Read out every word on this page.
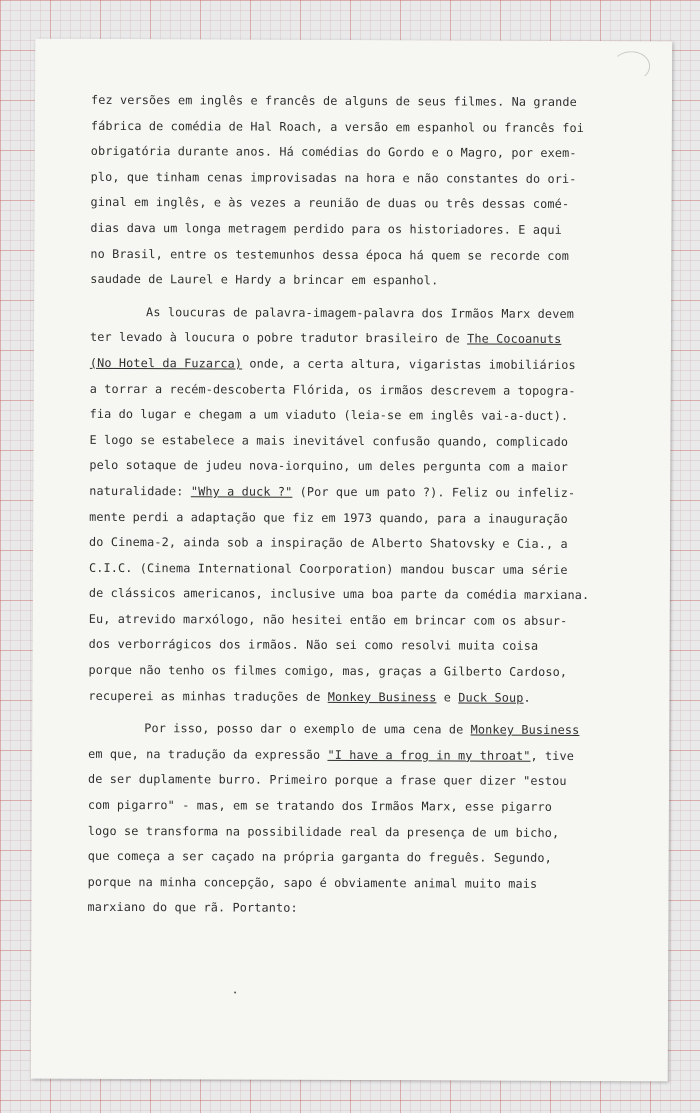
fez versões em inglês e francês de alguns de seus filmes. Na grande
fábrica de comédia de Hal Roach, a versão em espanhol ou francês foi
obrigatória durante anos. Há comédias do Gordo e o Magro, por exem-
plo, que tinham cenas improvisadas na hora e não constantes do ori-
ginal em inglês, e às vezes a reunião de duas ou três dessas comé-
dias dava um longa metragem perdido para os historiadores. E aqui
no Brasil, entre os testemunhos dessa época há quem se recorde com
saudade de Laurel e Hardy a brincar em espanhol.
As loucuras de palavra-imagem-palavra dos Irmãos Marx devem
ter levado à loucura o pobre tradutor brasileiro de The Cocoanuts
(No Hotel da Fuzarca) onde, a certa altura, vigaristas imobiliários
a torrar a recém-descoberta Flórida, os irmãos descrevem a topogra-
fia do lugar e chegam a um viaduto (leia-se em inglês vai-a-duct).
E logo se estabelece a mais inevitável confusão quando, complicado
pelo sotaque de judeu nova-iorquino, um deles pergunta com a maior
naturalidade: "Why a duck ?" (Por que um pato ?). Feliz ou infeliz-
mente perdi a adaptação que fiz em 1973 quando, para a inauguração
do Cinema-2, ainda sob a inspiração de Alberto Shatovsky e Cia., a
C.I.C. (Cinema International Coorporation) mandou buscar uma série
de clássicos americanos, inclusive uma boa parte da comédia marxiana.
Eu, atrevido marxólogo, não hesitei então em brincar com os absur-
dos verborrágicos dos irmãos. Não sei como resolvi muita coisa
porque não tenho os filmes comigo, mas, graças a Gilberto Cardoso,
recuperei as minhas traduções de Monkey Business e Duck Soup.
Por isso, posso dar o exemplo de uma cena de Monkey Business
em que, na tradução da expressão "I have a frog in my throat", tive
de ser duplamente burro. Primeiro porque a frase quer dizer "estou
com pigarro" - mas, em se tratando dos Irmãos Marx, esse pigarro
logo se transforma na possibilidade real da presença de um bicho,
que começa a ser caçado na própria garganta do freguês. Segundo,
porque na minha concepção, sapo é obviamente animal muito mais
marxiano do que rã. Portanto:
